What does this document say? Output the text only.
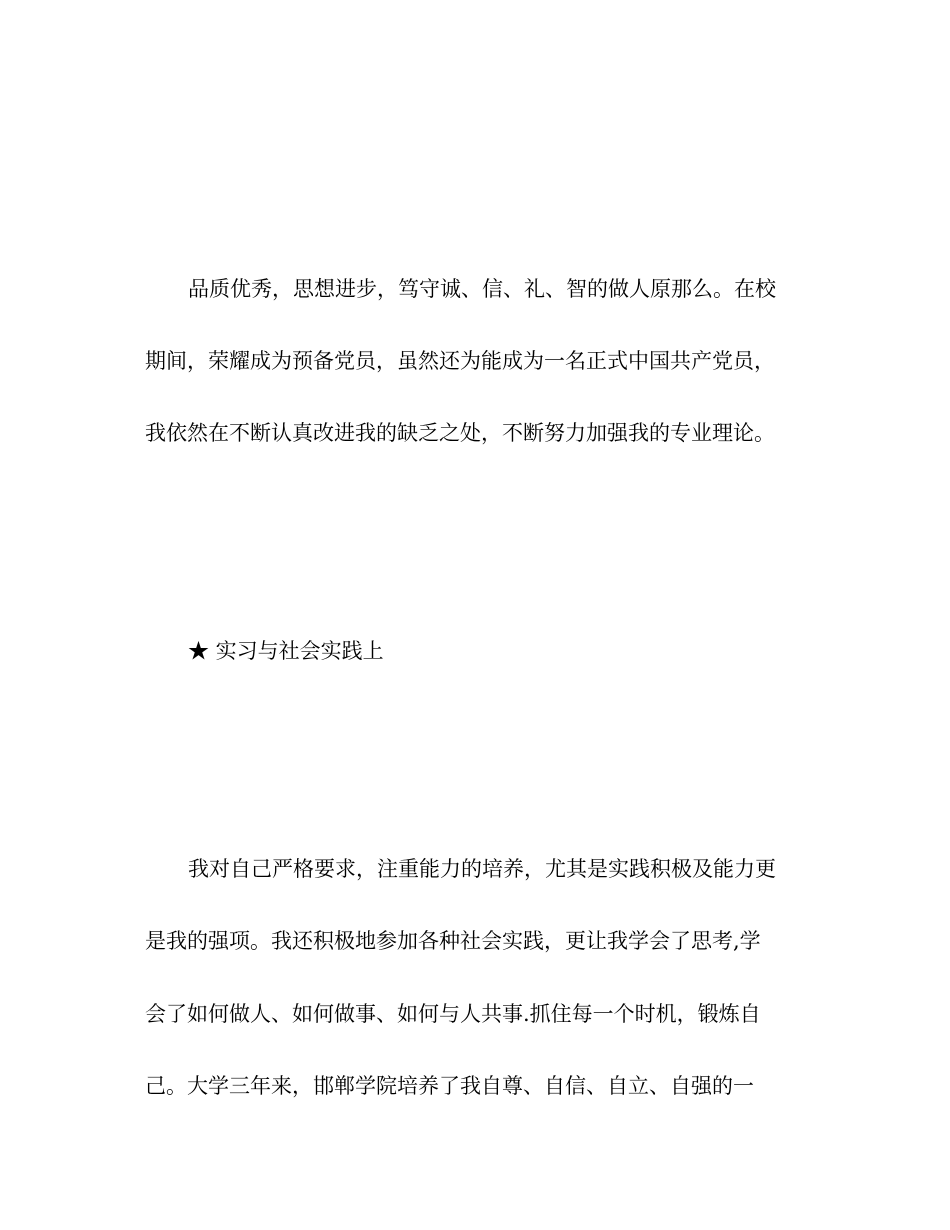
品质优秀，思想进步，笃守诚、信、礼、智的做人原那么。在校
期间，荣耀成为预备党员，虽然还为能成为一名正式中国共产党员，
我依然在不断认真改进我的缺乏之处，不断努力加强我的专业理论。
★ 实习与社会实践上
我对自己严格要求，注重能力的培养，尤其是实践积极及能力更
是我的强项。我还积极地参加各种社会实践，更让我学会了思考,学
会了如何做人、如何做事、如何与人共事.抓住每一个时机，锻炼自
己。大学三年来，邯郸学院培养了我自尊、自信、自立、自强的一
